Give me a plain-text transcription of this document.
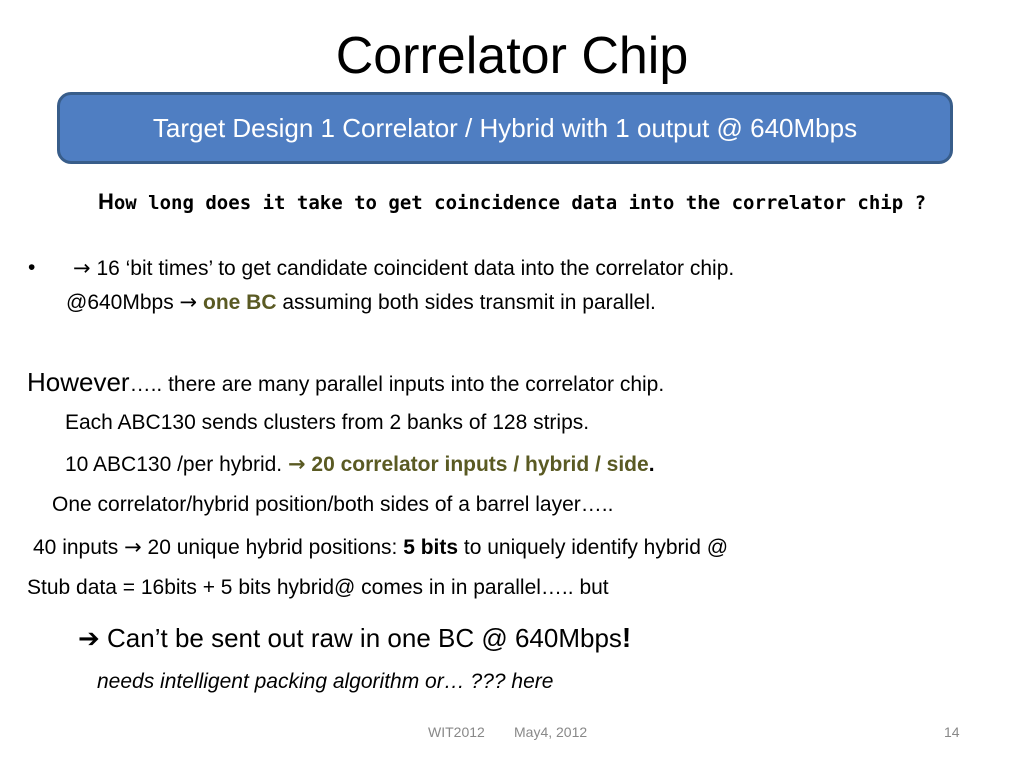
Correlator Chip
Target Design 1 Correlator / Hybrid with 1 output @ 640Mbps
How long does it take to get coincidence data into the correlator chip ?
• → 16 ‘bit times’ to get candidate coincident data into the correlator chip.
@640Mbps → one BC assuming both sides transmit in parallel.
However….. there are many parallel inputs into the correlator chip.
Each ABC130 sends clusters from 2 banks of 128 strips.
10 ABC130 /per hybrid. → 20 correlator inputs / hybrid / side.
One correlator/hybrid position/both sides of a barrel layer…..
40 inputs → 20 unique hybrid positions: 5 bits to uniquely identify hybrid @
Stub data = 16bits + 5 bits hybrid@ comes in in parallel….. but
➔ Can’t be sent out raw in one BC @ 640Mbps!
needs intelligent packing algorithm or… ??? here
WIT2012 May4, 2012	14
